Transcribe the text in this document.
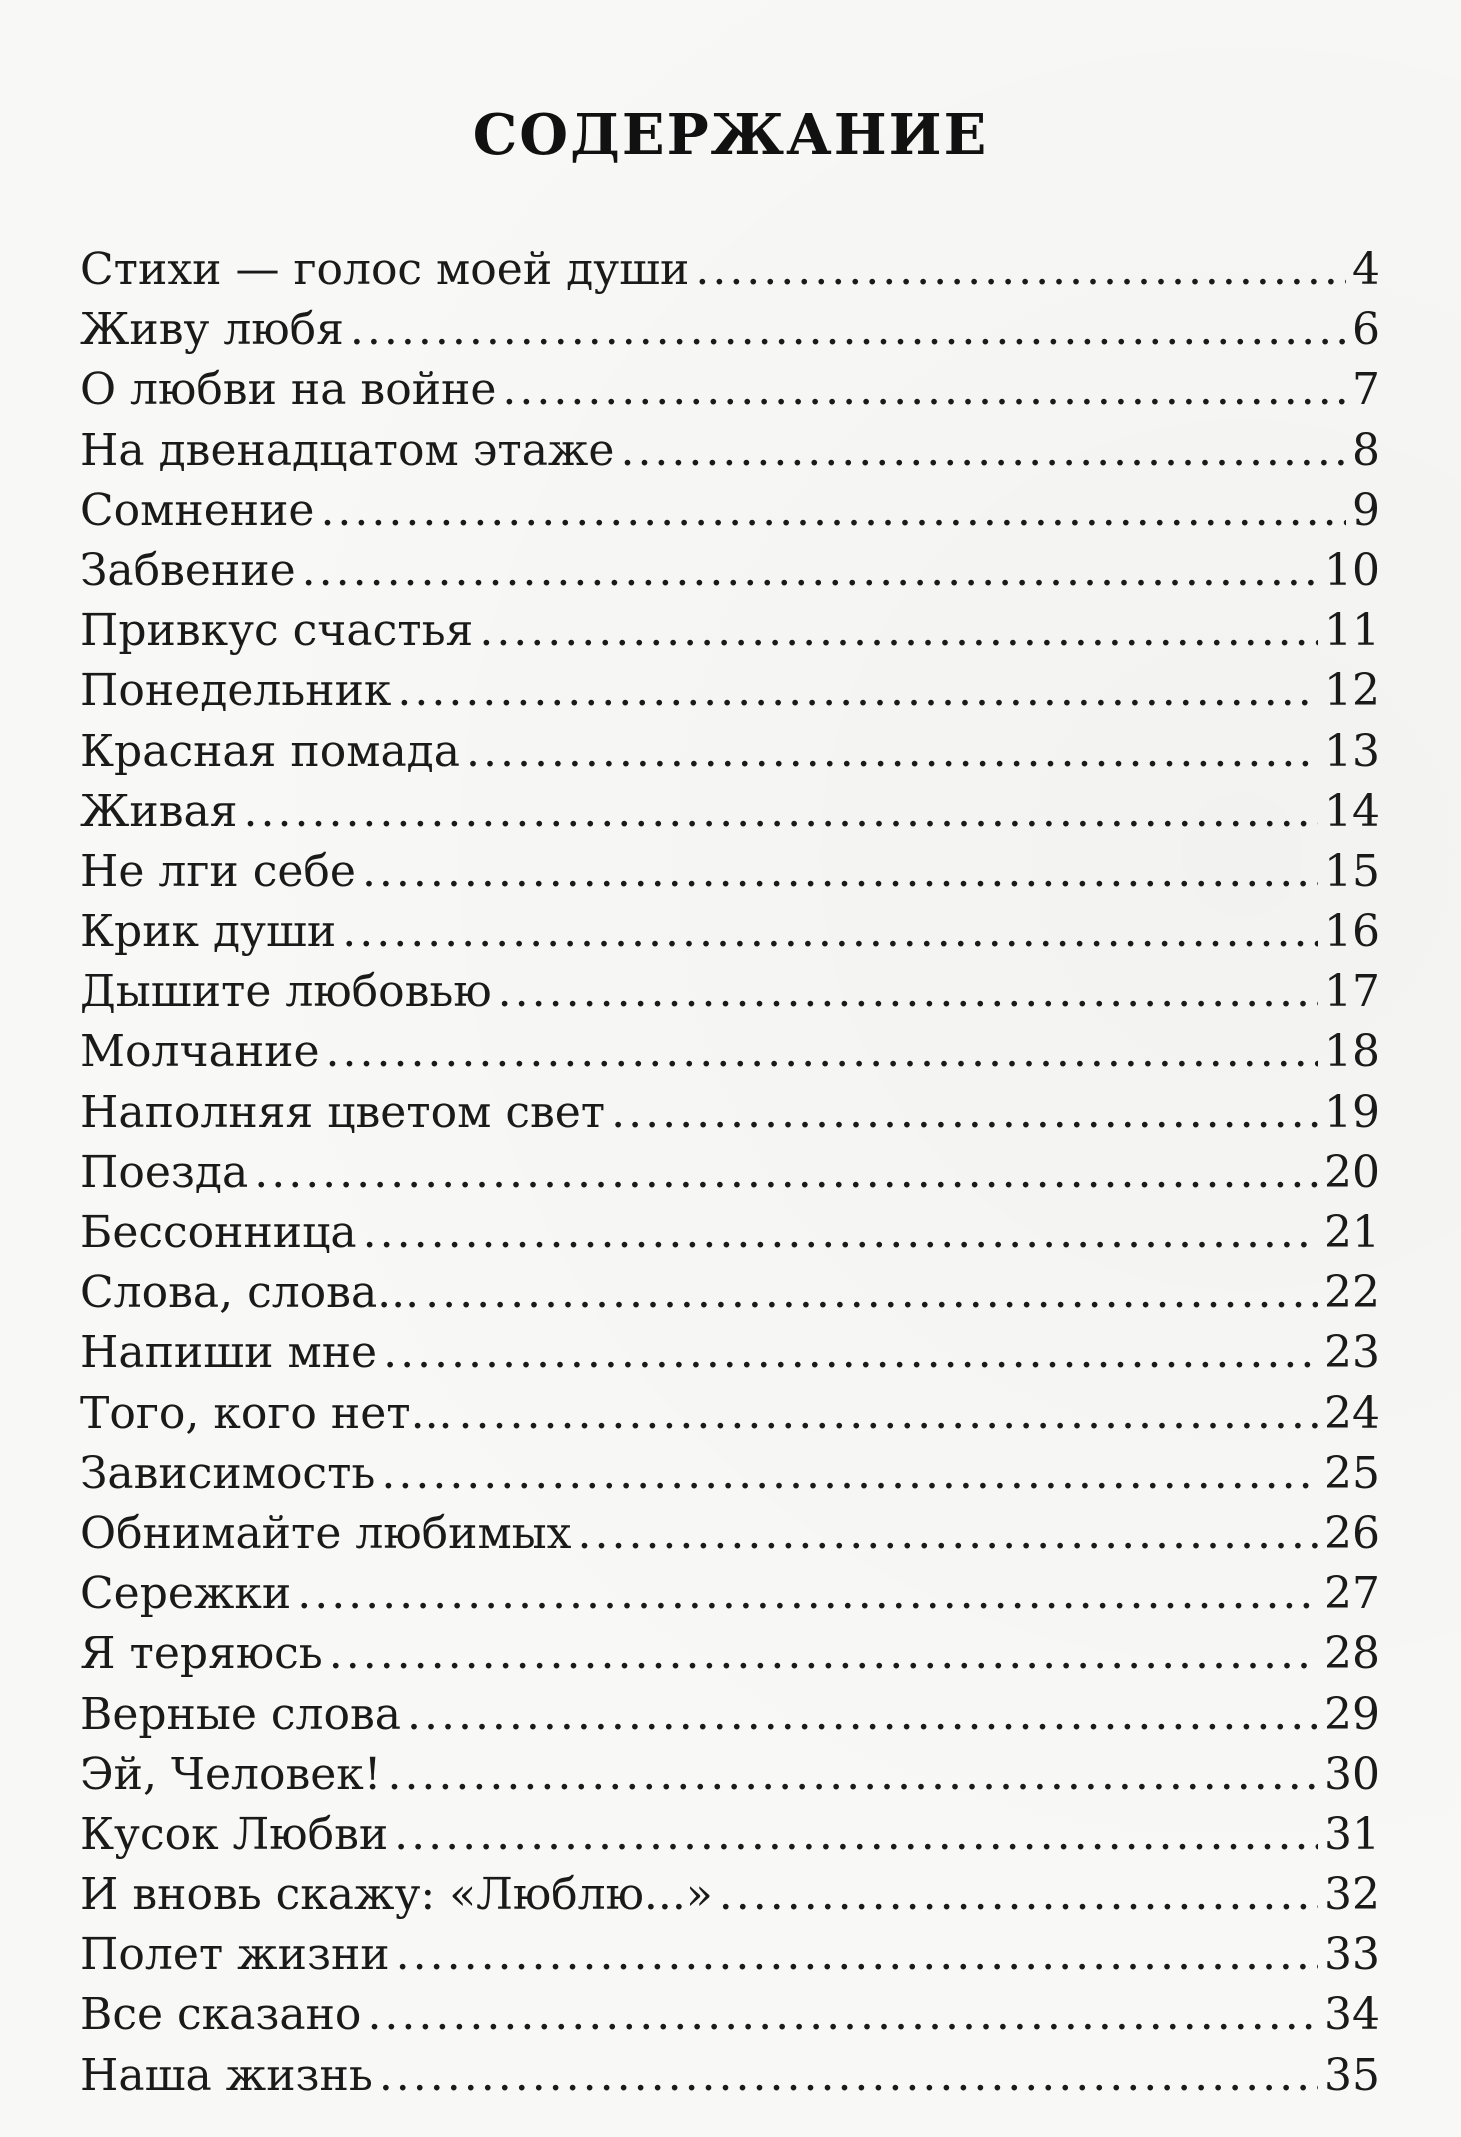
СОДЕРЖАНИЕ
Стихи — голос моей души .....	4
Живу любя .....	6
О любви на войне .....	7
На двенадцатом этаже .....	8
Сомнение .....	9
Забвение .....	10
Привкус счастья .....	11
Понедельник .....	12
Красная помада .....	13
Живая .....	14
Не лги себе .....	15
Крик души .....	16
Дышите любовью .....	17
Молчание .....	18
Наполняя цветом свет .....	19
Поезда .....	20
Бессонница .....	21
Слова, слова... .....	22
Напиши мне .....	23
Того, кого нет... .....	24
Зависимость .....	25
Обнимайте любимых .....	26
Сережки .....	27
Я теряюсь .....	28
Верные слова .....	29
Эй, Человек! .....	30
Кусок Любви .....	31
И вновь скажу: «Люблю...» .....	32
Полет жизни .....	33
Все сказано .....	34
Наша жизнь .....	35
